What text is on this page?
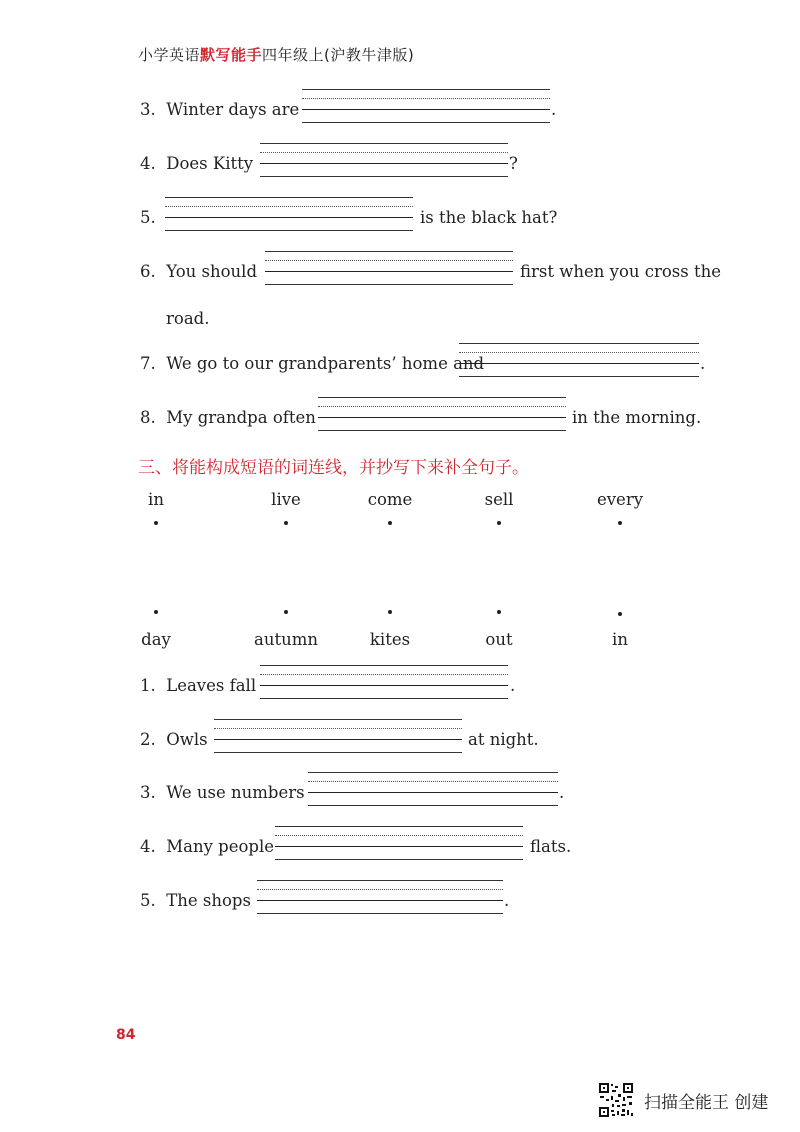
小学英语默写能手四年级上(沪教牛津版)
3. Winter days are	.
4. Does Kitty	?
5.	is the black hat?
6. You should	first when you cross the
road.
7. We go to our grandparents’ home and	.
8. My grandpa often	in the morning.
三、将能构成短语的词连线，并抄写下来补全句子。
in	live	come	sell	every
day	autumn	kites	out	in
1. Leaves fall	.
2. Owls	at night.
3. We use numbers	.
4. Many people	flats.
5. The shops	.
84
扫描全能王 创建
